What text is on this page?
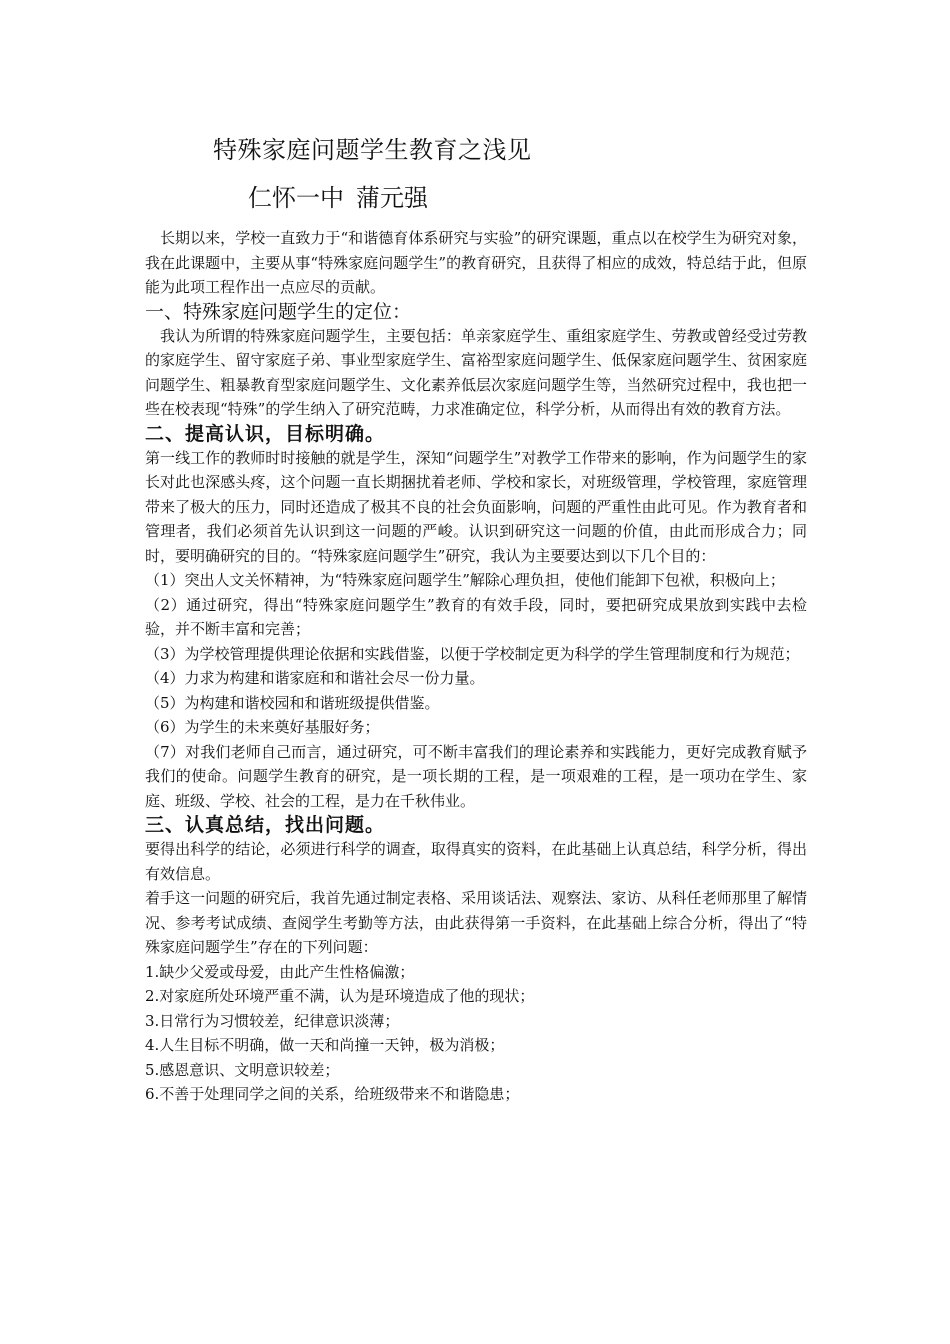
特殊家庭问题学生教育之浅见
仁怀一中 蒲元强

长期以来，学校一直致力于“和谐德育体系研究与实验”的研究课题，重点以在校学生为研究对象，我在此课题中，主要从事“特殊家庭问题学生”的教育研究，且获得了相应的成效，特总结于此，但原能为此项工程作出一点应尽的贡献。

一、特殊家庭问题学生的定位：

我认为所谓的特殊家庭问题学生，主要包括：单亲家庭学生、重组家庭学生、劳教或曾经受过劳教的家庭学生、留守家庭子弟、事业型家庭学生、富裕型家庭问题学生、低保家庭问题学生、贫困家庭问题学生、粗暴教育型家庭问题学生、文化素养低层次家庭问题学生等，当然研究过程中，我也把一些在校表现“特殊”的学生纳入了研究范畴，力求准确定位，科学分析，从而得出有效的教育方法。

二、提高认识，目标明确。

第一线工作的教师时时接触的就是学生，深知“问题学生”对教学工作带来的影响，作为问题学生的家长对此也深感头疼，这个问题一直长期捆扰着老师、学校和家长，对班级管理，学校管理，家庭管理带来了极大的压力，同时还造成了极其不良的社会负面影响，问题的严重性由此可见。作为教育者和管理者，我们必须首先认识到这一问题的严峻。认识到研究这一问题的价值，由此而形成合力；同时，要明确研究的目的。“特殊家庭问题学生”研究，我认为主要要达到以下几个目的：

（1）突出人文关怀精神，为“特殊家庭问题学生”解除心理负担，使他们能卸下包袱，积极向上；

（2）通过研究，得出“特殊家庭问题学生”教育的有效手段，同时，要把研究成果放到实践中去检验，并不断丰富和完善；

（3）为学校管理提供理论依据和实践借鉴，以便于学校制定更为科学的学生管理制度和行为规范；

（4）力求为构建和谐家庭和和谐社会尽一份力量。

（5）为构建和谐校园和和谐班级提供借鉴。

（6）为学生的未来奠好基服好务；

（7）对我们老师自己而言，通过研究，可不断丰富我们的理论素养和实践能力，更好完成教育赋予我们的使命。问题学生教育的研究，是一项长期的工程，是一项艰难的工程，是一项功在学生、家庭、班级、学校、社会的工程，是力在千秋伟业。

三、认真总结，找出问题。

要得出科学的结论，必须进行科学的调查，取得真实的资料，在此基础上认真总结，科学分析，得出有效信息。

着手这一问题的研究后，我首先通过制定表格、采用谈话法、观察法、家访、从科任老师那里了解情况、参考考试成绩、查阅学生考勤等方法，由此获得第一手资料，在此基础上综合分析，得出了“特殊家庭问题学生”存在的下列问题：

1.缺少父爱或母爱，由此产生性格偏激；

2.对家庭所处环境严重不满，认为是环境造成了他的现状；

3.日常行为习惯较差，纪律意识淡薄；

4.人生目标不明确，做一天和尚撞一天钟，极为消极；

5.感恩意识、文明意识较差；

6.不善于处理同学之间的关系，给班级带来不和谐隐患；
